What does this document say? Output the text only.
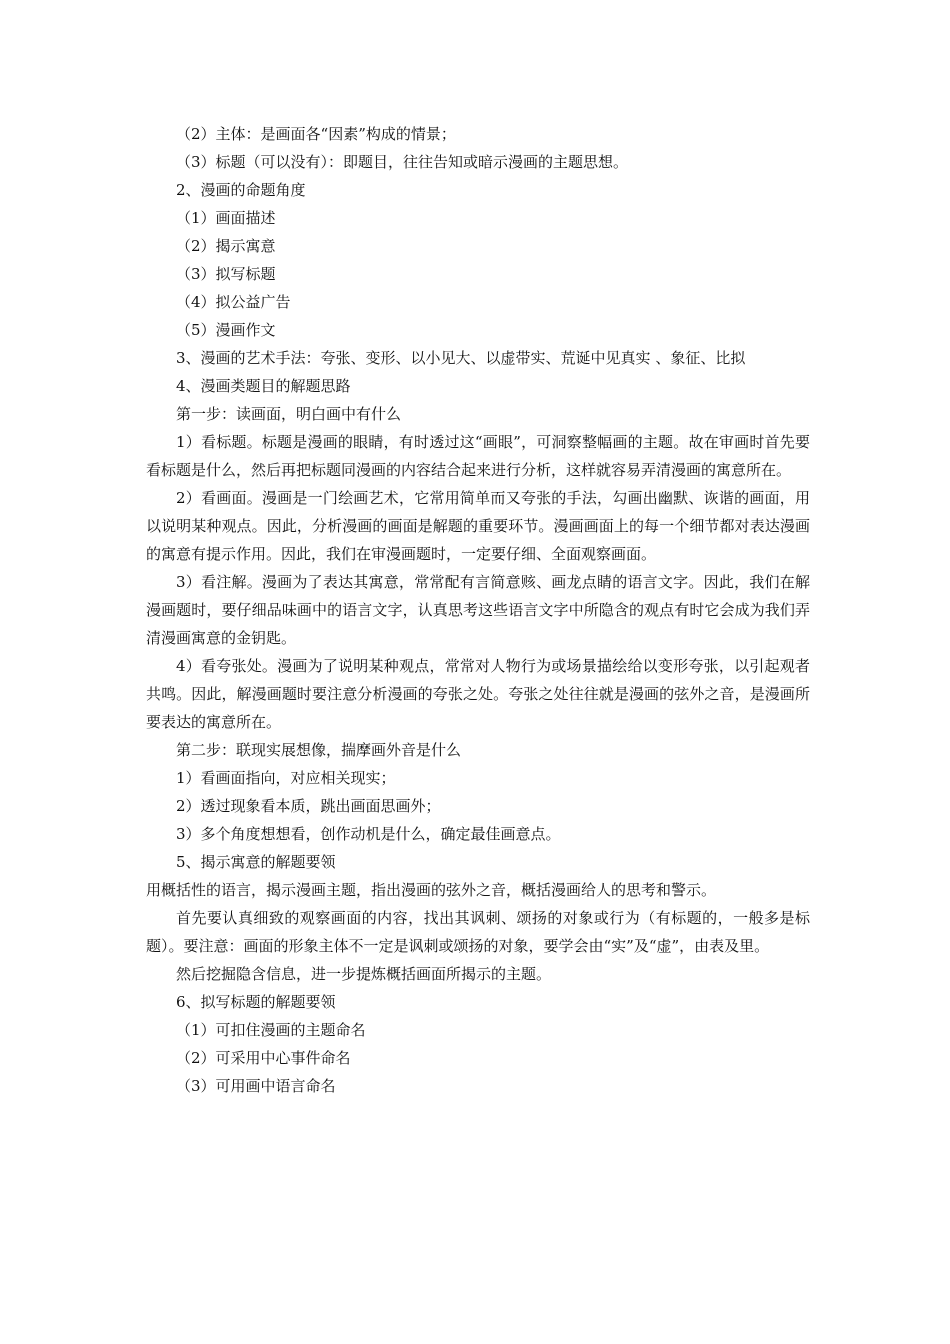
（2）主体：是画面各“因素”构成的情景；
（3）标题（可以没有）：即题目，往往告知或暗示漫画的主题思想。
2、漫画的命题角度
（1）画面描述
（2）揭示寓意
（3）拟写标题
（4）拟公益广告
（5）漫画作文
3、漫画的艺术手法：夸张、变形、以小见大、以虚带实、荒诞中见真实 、象征、比拟
4、漫画类题目的解题思路
第一步：读画面，明白画中有什么
1）看标题。标题是漫画的眼睛，有时透过这“画眼”，可洞察整幅画的主题。故在审画时首先要看标题是什么，然后再把标题同漫画的内容结合起来进行分析，这样就容易弄清漫画的寓意所在。
2）看画面。漫画是一门绘画艺术，它常用简单而又夸张的手法，勾画出幽默、诙谐的画面，用以说明某种观点。因此，分析漫画的画面是解题的重要环节。漫画画面上的每一个细节都对表达漫画的寓意有提示作用。因此，我们在审漫画题时，一定要仔细、全面观察画面。
3）看注解。漫画为了表达其寓意，常常配有言简意赅、画龙点睛的语言文字。因此，我们在解漫画题时，要仔细品味画中的语言文字，认真思考这些语言文字中所隐含的观点有时它会成为我们弄清漫画寓意的金钥匙。
4）看夸张处。漫画为了说明某种观点，常常对人物行为或场景描绘给以变形夸张，以引起观者共鸣。因此，解漫画题时要注意分析漫画的夸张之处。夸张之处往往就是漫画的弦外之音，是漫画所要表达的寓意所在。
第二步：联现实展想像，揣摩画外音是什么
1）看画面指向，对应相关现实；
2）透过现象看本质，跳出画面思画外；
3）多个角度想想看，创作动机是什么，确定最佳画意点。
5、揭示寓意的解题要领
用概括性的语言，揭示漫画主题，指出漫画的弦外之音，概括漫画给人的思考和警示。
首先要认真细致的观察画面的内容，找出其讽刺、颂扬的对象或行为（有标题的，一般多是标题）。要注意：画面的形象主体不一定是讽刺或颂扬的对象，要学会由“实”及“虚”，由表及里。
然后挖掘隐含信息，进一步提炼概括画面所揭示的主题。
6、拟写标题的解题要领
（1）可扣住漫画的主题命名
（2）可采用中心事件命名
（3）可用画中语言命名
